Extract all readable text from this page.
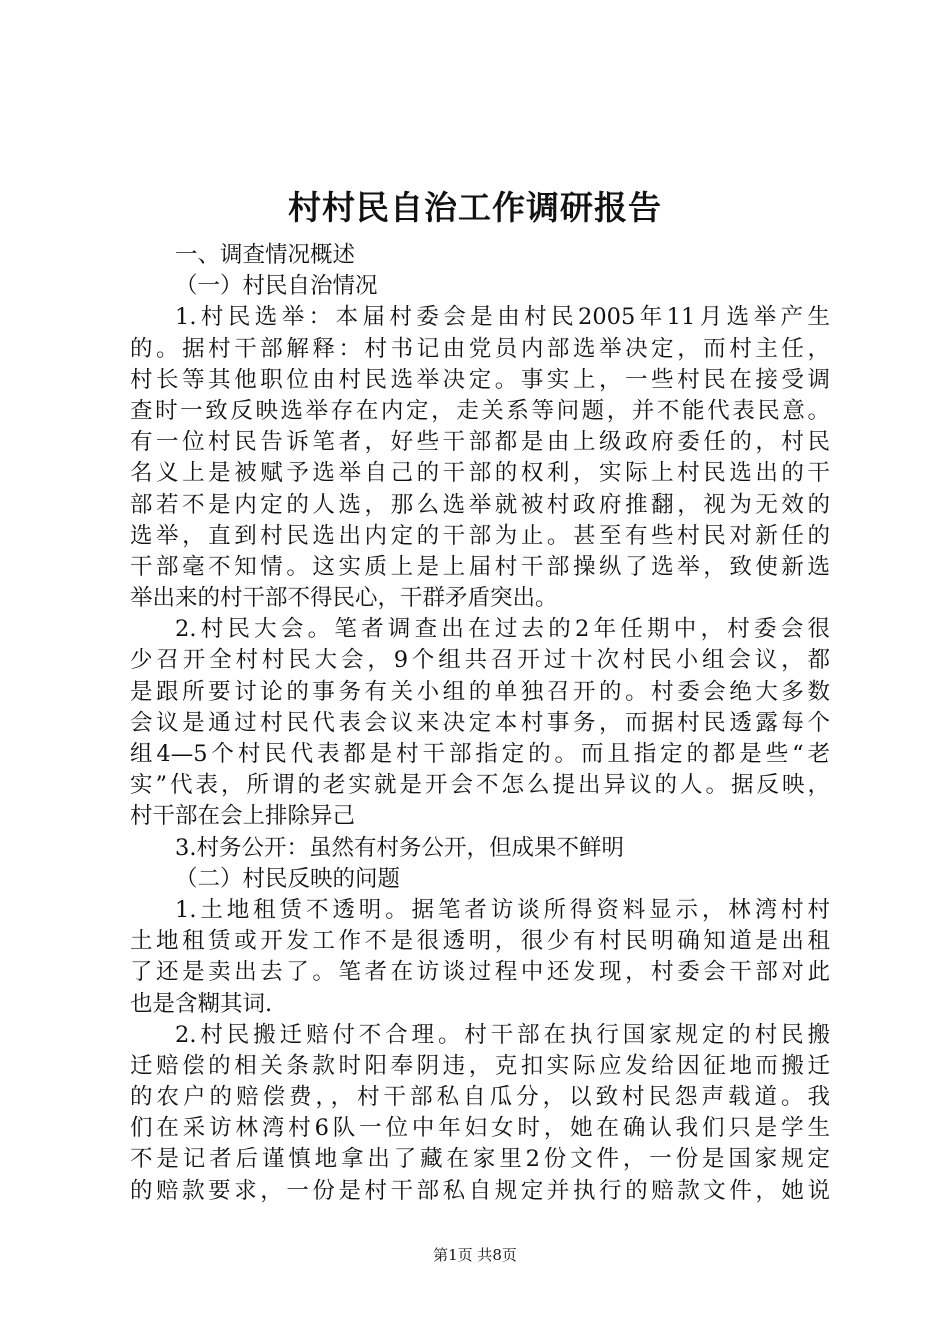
村村民自治工作调研报告
一、调查情况概述
（一）村民自治情况
1.村民选举：本届村委会是由村民2005年11月选举产生
的。据村干部解释：村书记由党员内部选举决定，而村主任，
村长等其他职位由村民选举决定。事实上，一些村民在接受调
查时一致反映选举存在内定，走关系等问题，并不能代表民意。
有一位村民告诉笔者，好些干部都是由上级政府委任的，村民
名义上是被赋予选举自己的干部的权利，实际上村民选出的干
部若不是内定的人选，那么选举就被村政府推翻，视为无效的
选举，直到村民选出内定的干部为止。甚至有些村民对新任的
干部毫不知情。这实质上是上届村干部操纵了选举，致使新选
举出来的村干部不得民心，干群矛盾突出。
2.村民大会。笔者调查出在过去的2年任期中，村委会很
少召开全村村民大会，9个组共召开过十次村民小组会议，都
是跟所要讨论的事务有关小组的单独召开的。村委会绝大多数
会议是通过村民代表会议来决定本村事务，而据村民透露每个
组4—5个村民代表都是村干部指定的。而且指定的都是些“老
实”代表，所谓的老实就是开会不怎么提出异议的人。据反映，
村干部在会上排除异己
3.村务公开：虽然有村务公开，但成果不鲜明
（二）村民反映的问题
1.土地租赁不透明。据笔者访谈所得资料显示，林湾村村
土地租赁或开发工作不是很透明，很少有村民明确知道是出租
了还是卖出去了。笔者在访谈过程中还发现，村委会干部对此
也是含糊其词.
2.村民搬迁赔付不合理。村干部在执行国家规定的村民搬
迁赔偿的相关条款时阳奉阴违，克扣实际应发给因征地而搬迁
的农户的赔偿费，，村干部私自瓜分，以致村民怨声载道。我
们在采访林湾村6队一位中年妇女时，她在确认我们只是学生
不是记者后谨慎地拿出了藏在家里2份文件，一份是国家规定
的赔款要求，一份是村干部私自规定并执行的赔款文件，她说
第1页 共8页
